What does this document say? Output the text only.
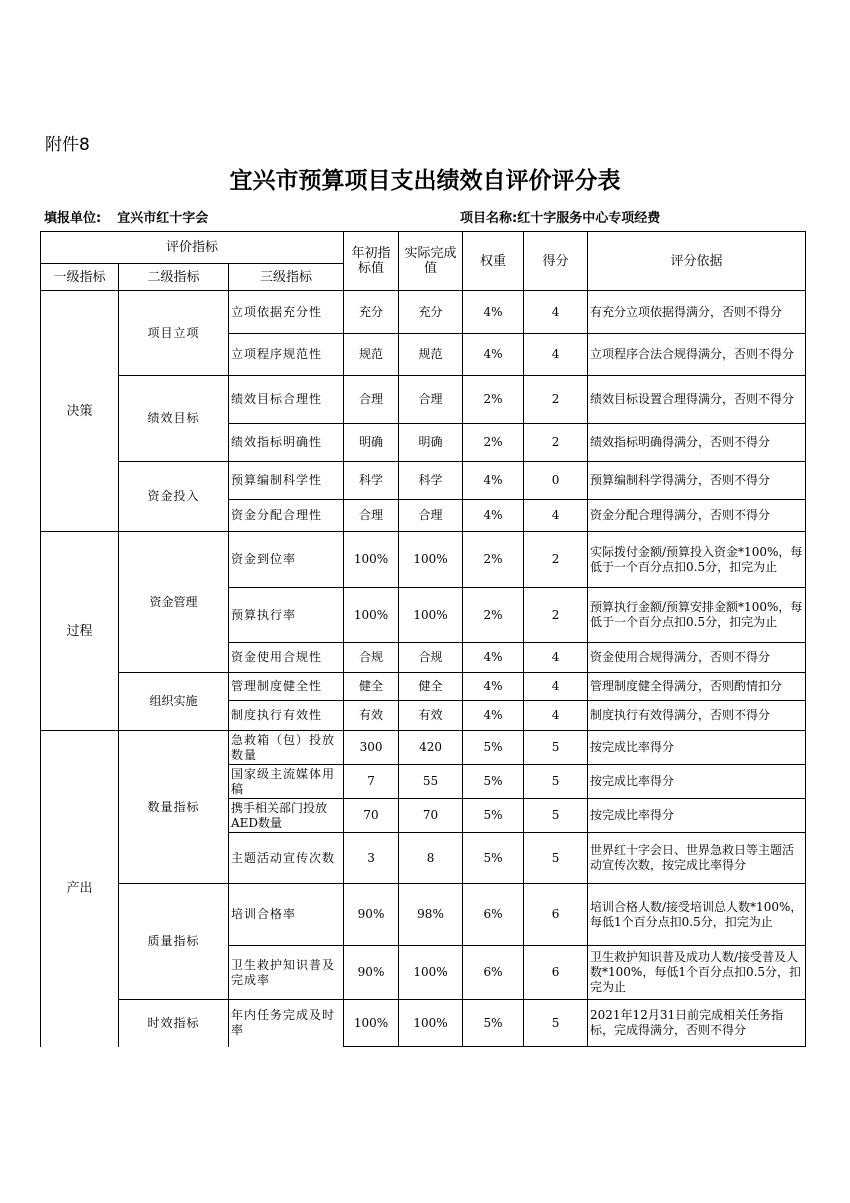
附件8
宜兴市预算项目支出绩效自评价评分表
填报单位: 宜兴市红十字会	项目名称:红十字服务中心专项经费
评价指标			年初指标值	实际完成值	权重	得分	评分依据
一级指标	二级指标	三级指标					
决策	项目立项	立项依据充分性	充分	充分	4%	4	有充分立项依据得满分，否则不得分
		立项程序规范性	规范	规范	4%	4	立项程序合法合规得满分，否则不得分
	绩效目标	绩效目标合理性	合理	合理	2%	2	绩效目标设置合理得满分，否则不得分
		绩效指标明确性	明确	明确	2%	2	绩效指标明确得满分，否则不得分
	资金投入	预算编制科学性	科学	科学	4%	0	预算编制科学得满分，否则不得分
		资金分配合理性	合理	合理	4%	4	资金分配合理得满分，否则不得分
过程	资金管理	资金到位率	100%	100%	2%	2	实际拨付金额/预算投入资金*100%，每低于一个百分点扣0.5分，扣完为止
		预算执行率	100%	100%	2%	2	预算执行金额/预算安排金额*100%，每低于一个百分点扣0.5分，扣完为止
		资金使用合规性	合规	合规	4%	4	资金使用合规得满分，否则不得分
	组织实施	管理制度健全性	健全	健全	4%	4	管理制度健全得满分，否则酌情扣分
		制度执行有效性	有效	有效	4%	4	制度执行有效得满分，否则不得分
产出	数量指标	急救箱（包）投放数量	300	420	5%	5	按完成比率得分
		国家级主流媒体用稿	7	55	5%	5	按完成比率得分
		携手相关部门投放AED数量	70	70	5%	5	按完成比率得分
		主题活动宣传次数	3	8	5%	5	世界红十字会日、世界急救日等主题活动宣传次数，按完成比率得分
	质量指标	培训合格率	90%	98%	6%	6	培训合格人数/接受培训总人数*100%，每低1个百分点扣0.5分，扣完为止
		卫生救护知识普及完成率	90%	100%	6%	6	卫生救护知识普及成功人数/接受普及人数*100%，每低1个百分点扣0.5分，扣完为止
	时效指标	年内任务完成及时率	100%	100%	5%	5	2021年12月31日前完成相关任务指标，完成得满分，否则不得分
